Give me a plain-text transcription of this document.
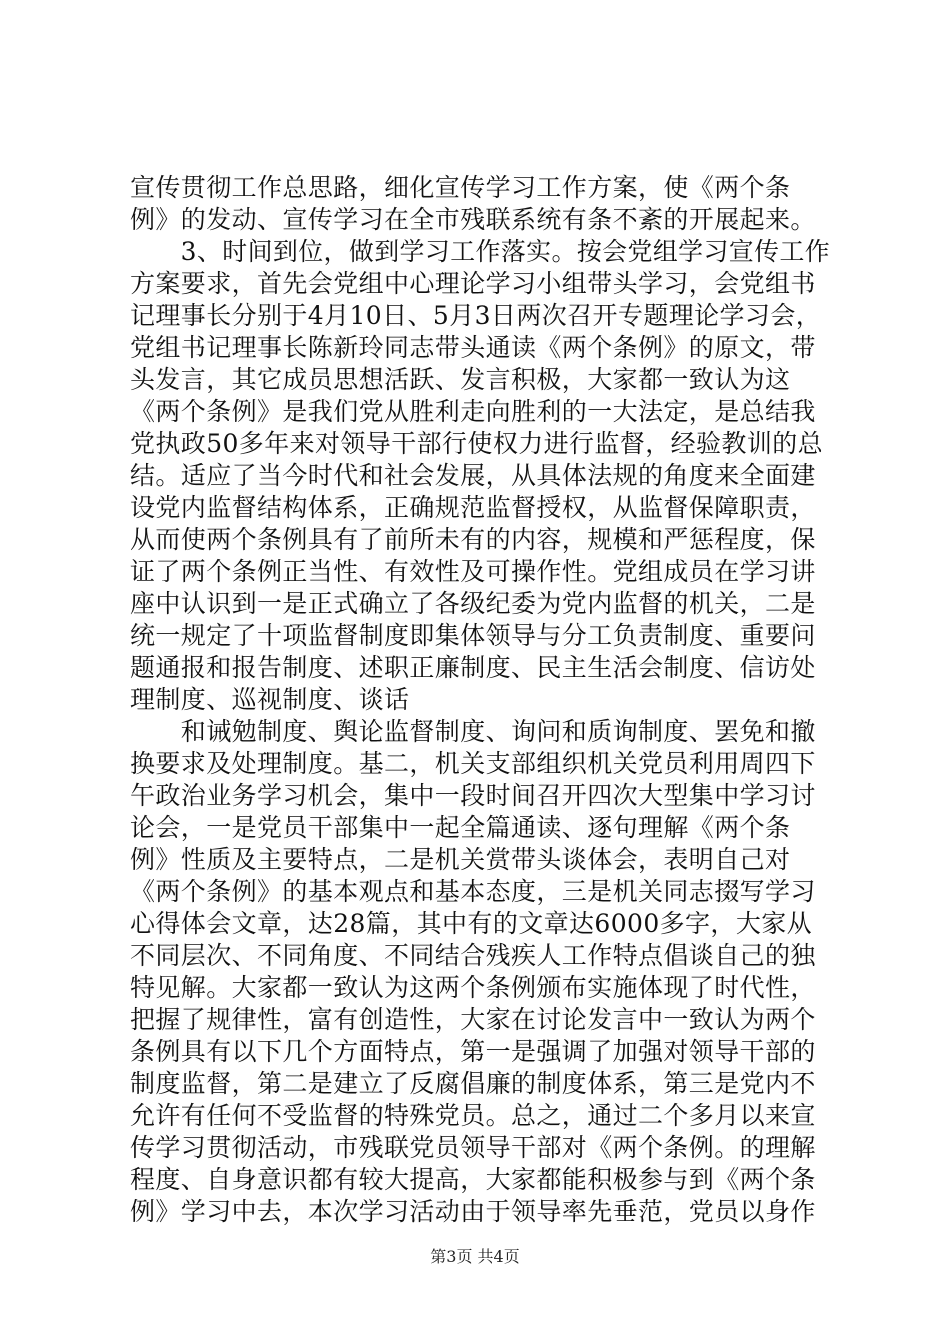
宣传贯彻工作总思路，细化宣传学习工作方案，使《两个条
例》的发动、宣传学习在全市残联系统有条不紊的开展起来。
　　3、时间到位，做到学习工作落实。按会党组学习宣传工作
方案要求，首先会党组中心理论学习小组带头学习，会党组书
记理事长分别于4月10日、5月3日两次召开专题理论学习会，
党组书记理事长陈新玲同志带头通读《两个条例》的原文，带
头发言，其它成员思想活跃、发言积极，大家都一致认为这
《两个条例》是我们党从胜利走向胜利的一大法定，是总结我
党执政50多年来对领导干部行使权力进行监督，经验教训的总
结。适应了当今时代和社会发展，从具体法规的角度来全面建
设党内监督结构体系，正确规范监督授权，从监督保障职责，
从而使两个条例具有了前所未有的内容，规模和严惩程度，保
证了两个条例正当性、有效性及可操作性。党组成员在学习讲
座中认识到一是正式确立了各级纪委为党内监督的机关，二是
统一规定了十项监督制度即集体领导与分工负责制度、重要问
题通报和报告制度、述职正廉制度、民主生活会制度、信访处
理制度、巡视制度、谈话
　　和诫勉制度、舆论监督制度、询问和质询制度、罢免和撤
换要求及处理制度。基二，机关支部组织机关党员利用周四下
午政治业务学习机会，集中一段时间召开四次大型集中学习讨
论会，一是党员干部集中一起全篇通读、逐句理解《两个条
例》性质及主要特点，二是机关赏带头谈体会，表明自己对
《两个条例》的基本观点和基本态度，三是机关同志掇写学习
心得体会文章，达28篇，其中有的文章达6000多字，大家从
不同层次、不同角度、不同结合残疾人工作特点倡谈自己的独
特见解。大家都一致认为这两个条例颁布实施体现了时代性，
把握了规律性，富有创造性，大家在讨论发言中一致认为两个
条例具有以下几个方面特点，第一是强调了加强对领导干部的
制度监督，第二是建立了反腐倡廉的制度体系，第三是党内不
允许有任何不受监督的特殊党员。总之，通过二个多月以来宣
传学习贯彻活动，市残联党员领导干部对《两个条例。的理解
程度、自身意识都有较大提高，大家都能积极参与到《两个条
例》学习中去，本次学习活动由于领导率先垂范，党员以身作
第3页 共4页
